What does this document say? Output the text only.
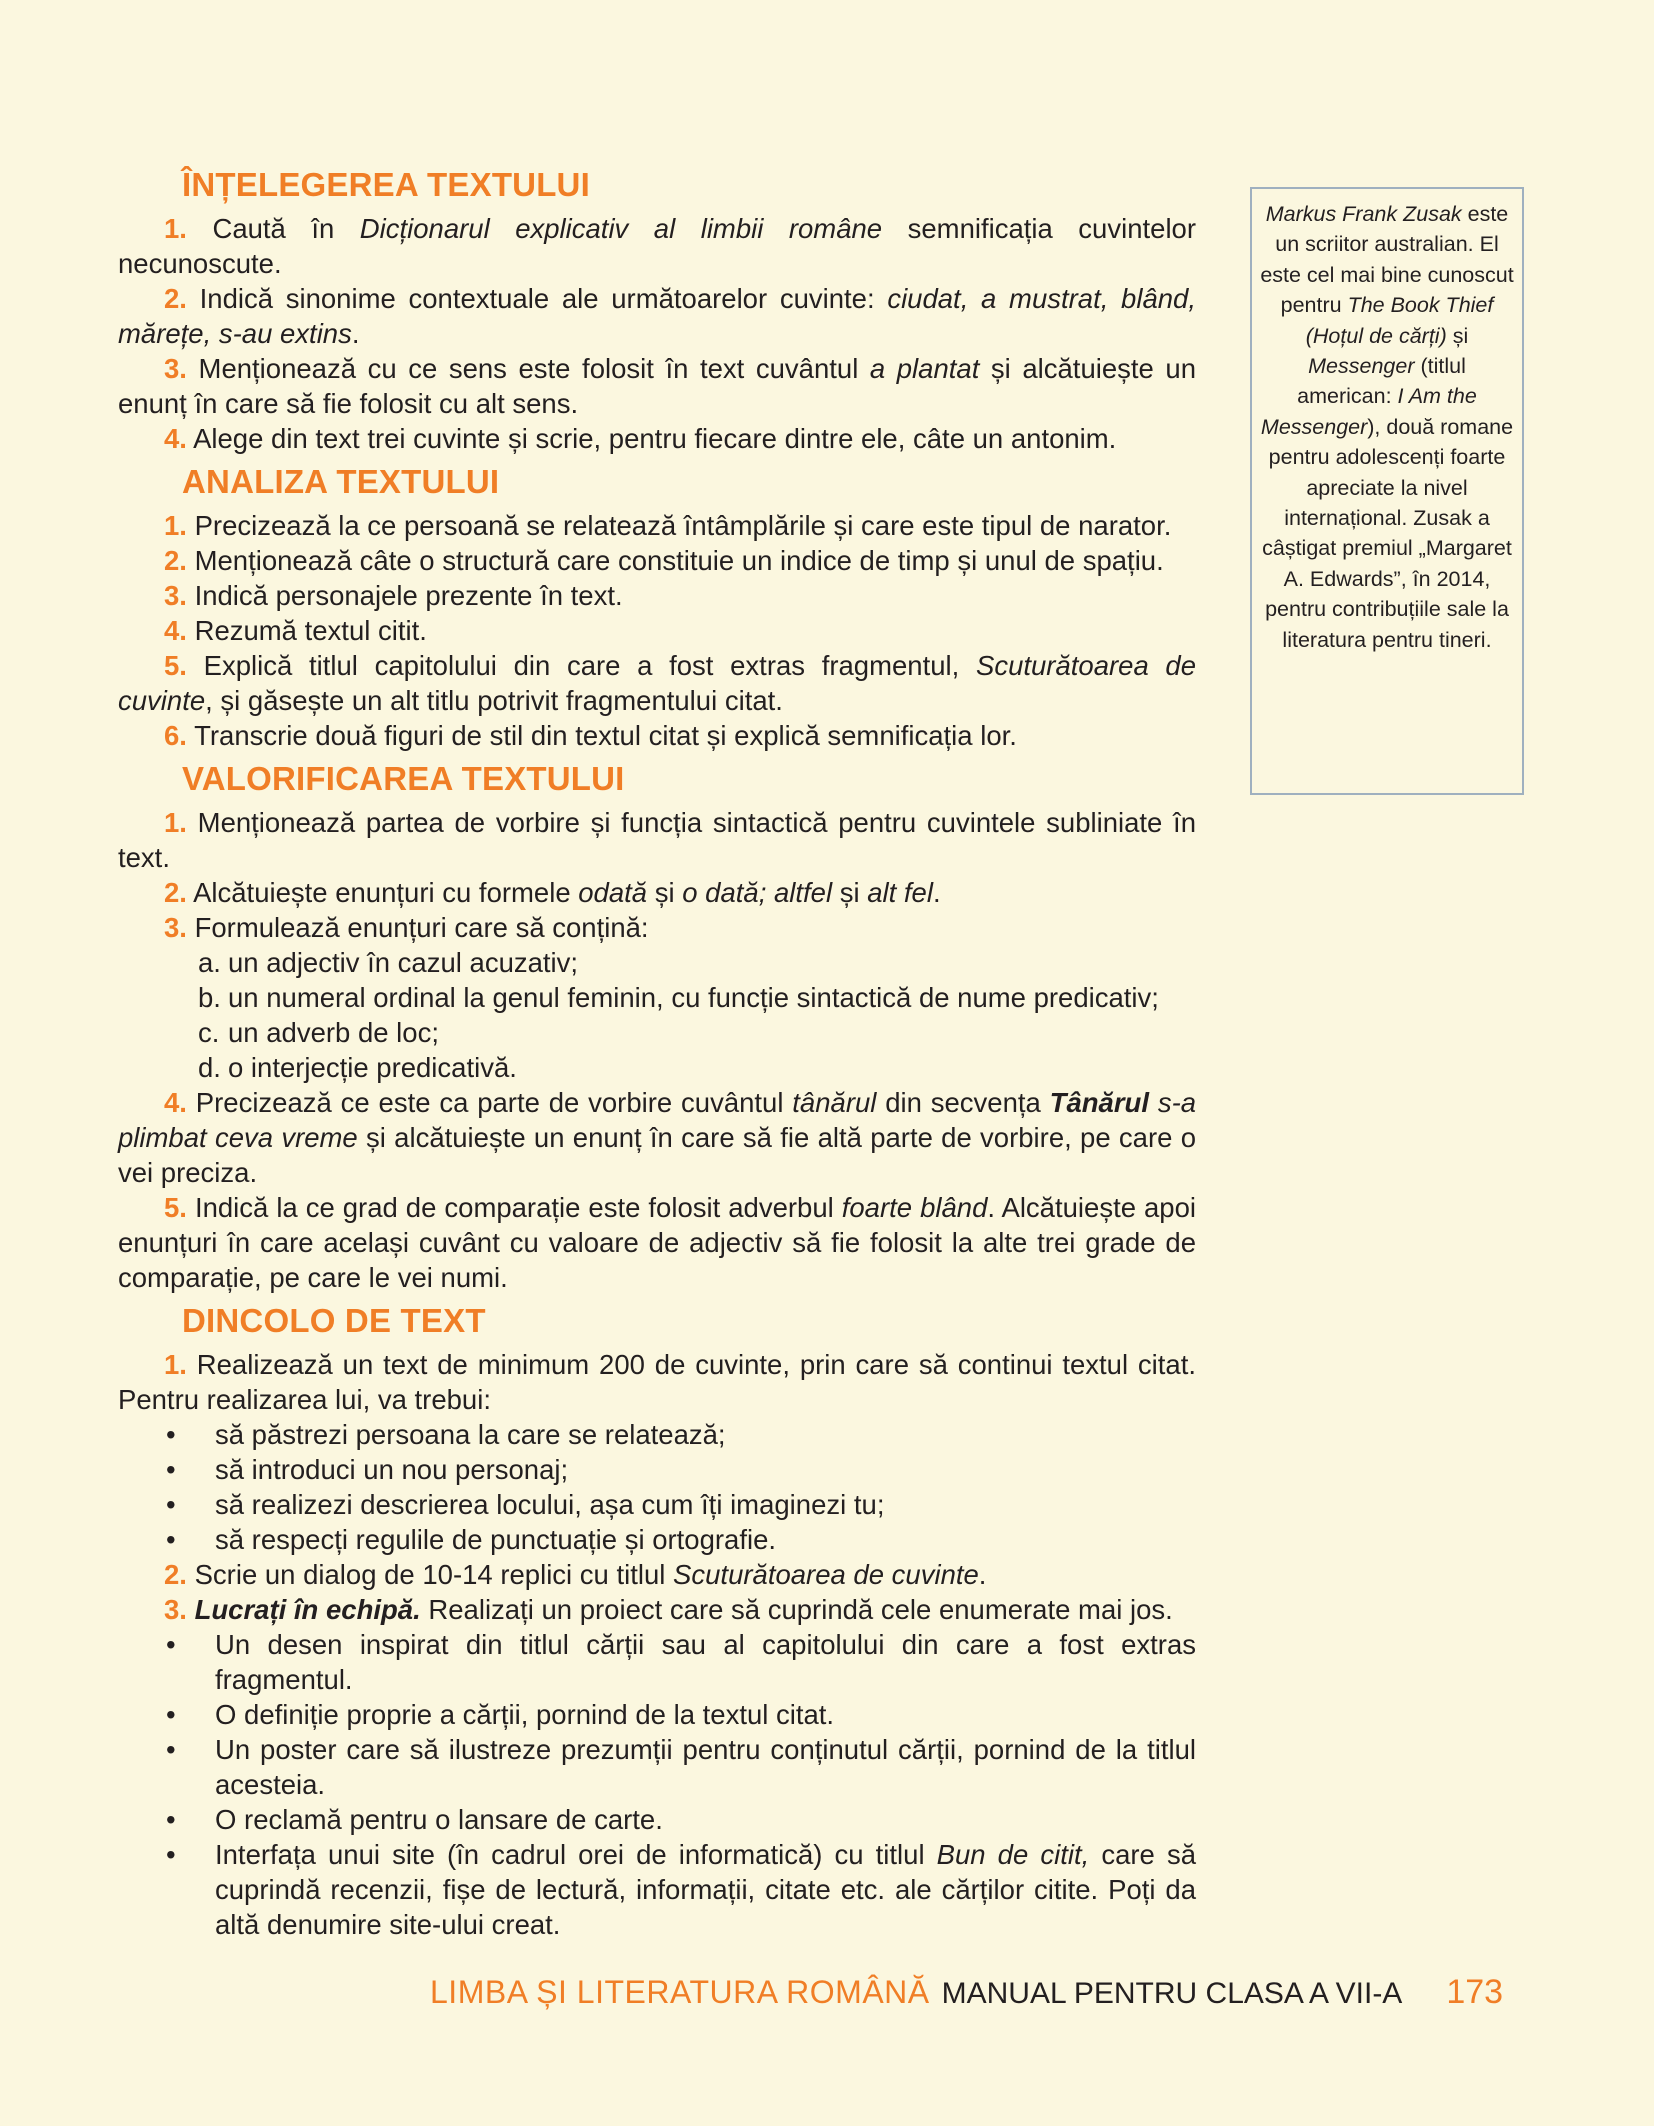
ÎNȚELEGEREA TEXTULUI

1. Caută în Dicționarul explicativ al limbii române semnificația cuvintelor necunoscute.

2. Indică sinonime contextuale ale următoarelor cuvinte: ciudat, a mustrat, blând, mărețe, s-au extins.

3. Menționează cu ce sens este folosit în text cuvântul a plantat și alcătuiește un enunț în care să fie folosit cu alt sens.

4. Alege din text trei cuvinte și scrie, pentru fiecare dintre ele, câte un antonim.

ANALIZA TEXTULUI

1. Precizează la ce persoană se relatează întâmplările și care este tipul de narator.

2. Menționează câte o structură care constituie un indice de timp și unul de spațiu.

3. Indică personajele prezente în text.

4. Rezumă textul citit.

5. Explică titlul capitolului din care a fost extras fragmentul, Scuturătoarea de cuvinte, și găsește un alt titlu potrivit fragmentului citat.

6. Transcrie două figuri de stil din textul citat și explică semnificația lor.

VALORIFICAREA TEXTULUI

1. Menționează partea de vorbire și funcția sintactică pentru cuvintele subliniate în text.

2. Alcătuiește enunțuri cu formele odată și o dată; altfel și alt fel.

3. Formulează enunțuri care să conțină:

a. un adjectiv în cazul acuzativ;

b. un numeral ordinal la genul feminin, cu funcție sintactică de nume predicativ;

c. un adverb de loc;

d. o interjecție predicativă.

4. Precizează ce este ca parte de vorbire cuvântul tânărul din secvența Tânărul s-a plimbat ceva vreme și alcătuiește un enunț în care să fie altă parte de vorbire, pe care o vei preciza.

5. Indică la ce grad de comparație este folosit adverbul foarte blând. Alcătuiește apoi enunțuri în care același cuvânt cu valoare de adjectiv să fie folosit la alte trei grade de comparație, pe care le vei numi.

DINCOLO DE TEXT

1. Realizează un text de minimum 200 de cuvinte, prin care să continui textul citat. Pentru realizarea lui, va trebui:

• să păstrezi persoana la care se relatează;

• să introduci un nou personaj;

• să realizezi descrierea locului, așa cum îți imaginezi tu;

• să respecți regulile de punctuație și ortografie.

2. Scrie un dialog de 10-14 replici cu titlul Scuturătoarea de cuvinte.

3. Lucrați în echipă. Realizați un proiect care să cuprindă cele enumerate mai jos.

• Un desen inspirat din titlul cărții sau al capitolului din care a fost extras fragmentul.

• O definiție proprie a cărții, pornind de la textul citat.

• Un poster care să ilustreze prezumții pentru conținutul cărții, pornind de la titlul acesteia.

• O reclamă pentru o lansare de carte.

• Interfața unui site (în cadrul orei de informatică) cu titlul Bun de citit, care să cuprindă recenzii, fișe de lectură, informații, citate etc. ale cărților citite. Poți da altă denumire site-ului creat.

Markus Frank Zusak este un scriitor australian. El este cel mai bine cunoscut pentru The Book Thief (Hoțul de cărți) și Messenger (titlul american: I Am the Messenger), două romane pentru adolescenți foarte apreciate la nivel internațional. Zusak a câștigat premiul „Margaret A. Edwards”, în 2014, pentru contribuțiile sale la literatura pentru tineri.
LIMBA ȘI LITERATURA ROMÂNĂ MANUAL PENTRU CLASA A VII-A 173
